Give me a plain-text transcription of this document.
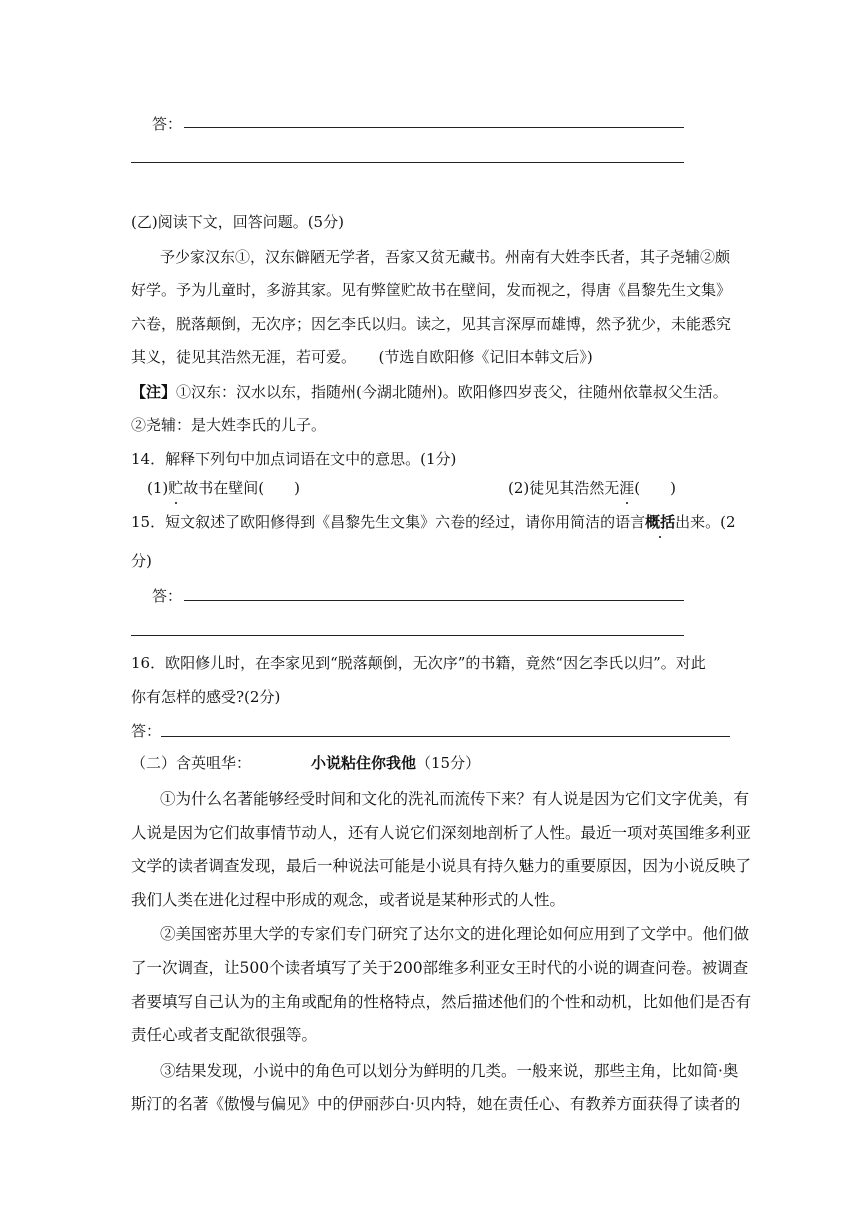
答：
(乙)阅读下文，回答问题。(5分)
予少家汉东①，汉东僻陋无学者，吾家又贫无藏书。州南有大姓李氏者，其子尧辅②颇
好学。予为儿童时，多游其家。见有弊筐贮故书在壁间，发而视之，得唐《昌黎先生文集》
六卷，脱落颠倒，无次序；因乞李氏以归。读之，见其言深厚而雄博，然予犹少，未能悉究
其义，徒见其浩然无涯，若可爱。　　(节选自欧阳修《记旧本韩文后》)
【注】①汉东：汉水以东，指随州(今湖北随州)。欧阳修四岁丧父，往随州依靠叔父生活。
②尧辅：是大姓李氏的儿子。
14．解释下列句中加点词语在文中的意思。(1分)
(1)贮故书在壁间(　　)	(2)徒见其浩然无涯(　　)
15．短文叙述了欧阳修得到《昌黎先生文集》六卷的经过，请你用简洁的语言概括出来。(2
分)
答：
16．欧阳修儿时，在李家见到“脱落颠倒，无次序”的书籍，竟然“因乞李氏以归”。对此
你有怎样的感受?(2分)
答：
（二）含英咀华：	小说粘住你我他（15分）
①为什么名著能够经受时间和文化的洗礼而流传下来？有人说是因为它们文字优美，有
人说是因为它们故事情节动人，还有人说它们深刻地剖析了人性。最近一项对英国维多利亚
文学的读者调查发现，最后一种说法可能是小说具有持久魅力的重要原因，因为小说反映了
我们人类在进化过程中形成的观念，或者说是某种形式的人性。
②美国密苏里大学的专家们专门研究了达尔文的进化理论如何应用到了文学中。他们做
了一次调查，让500个读者填写了关于200部维多利亚女王时代的小说的调查问卷。被调查
者要填写自己认为的主角或配角的性格特点，然后描述他们的个性和动机，比如他们是否有
责任心或者支配欲很强等。
③结果发现，小说中的角色可以划分为鲜明的几类。一般来说，那些主角，比如简·奥
斯汀的名著《傲慢与偏见》中的伊丽莎白·贝内特，她在责任心、有教养方面获得了读者的
